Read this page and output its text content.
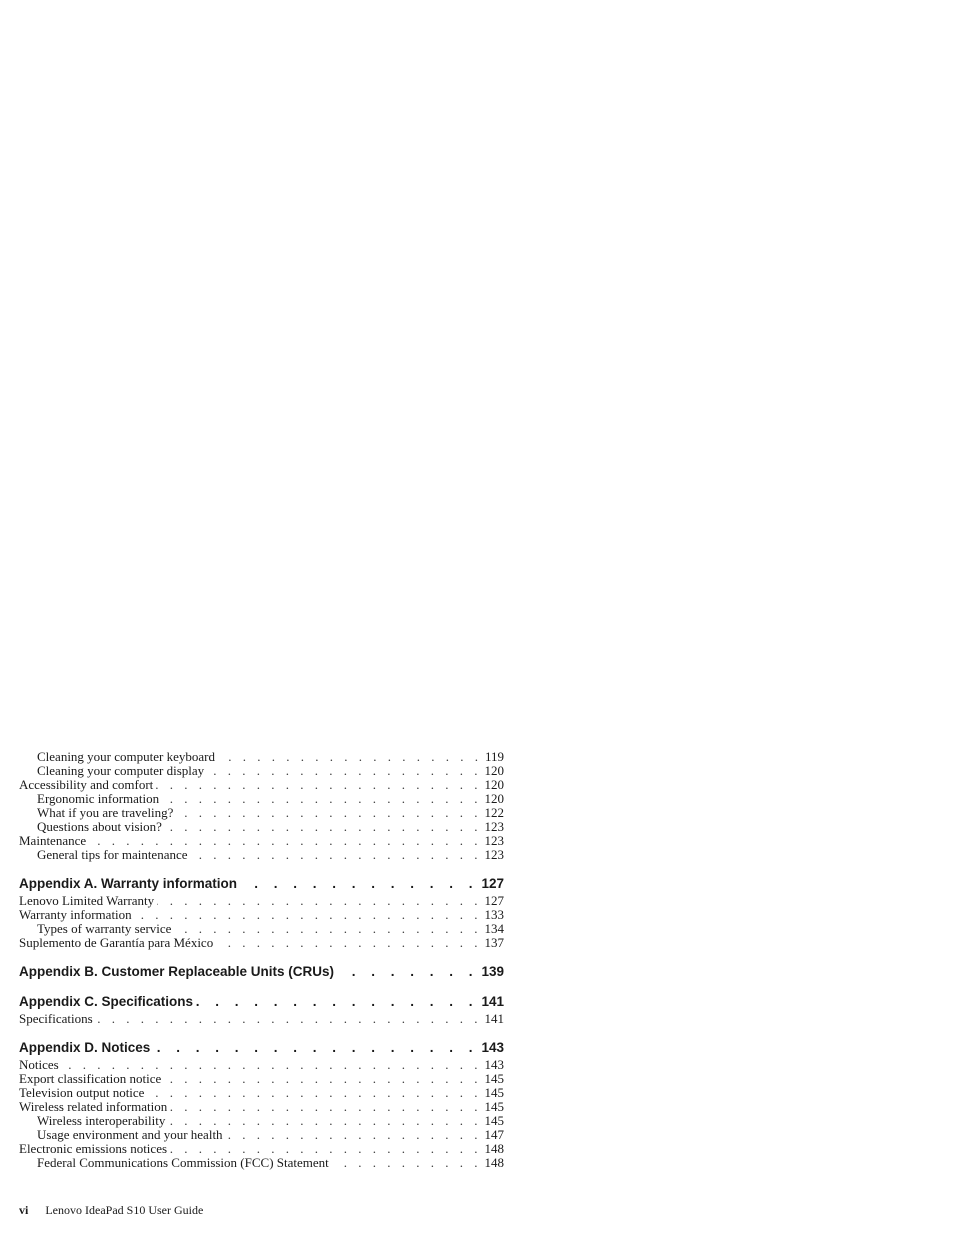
Cleaning your computer keyboard . . .	119
Cleaning your computer display . . .	120
Accessibility and comfort . . .	120
Ergonomic information . . .	120
What if you are traveling? . . .	122
Questions about vision? . . .	123
Maintenance . . .	123
General tips for maintenance . . .	123
Appendix A. Warranty information . . .	127
Lenovo Limited Warranty . . .	127
Warranty information . . .	133
Types of warranty service . . .	134
Suplemento de Garantía para México . . .	137
Appendix B. Customer Replaceable Units (CRUs) . . .	139
Appendix C. Specifications . . .	141
Specifications . . .	141
Appendix D. Notices . . .	143
Notices . . .	143
Export classification notice . . .	145
Television output notice . . .	145
Wireless related information . . .	145
Wireless interoperability . . .	145
Usage environment and your health . . .	147
Electronic emissions notices . . .	148
Federal Communications Commission (FCC) Statement . . .	148
vi Lenovo IdeaPad S10 User Guide
